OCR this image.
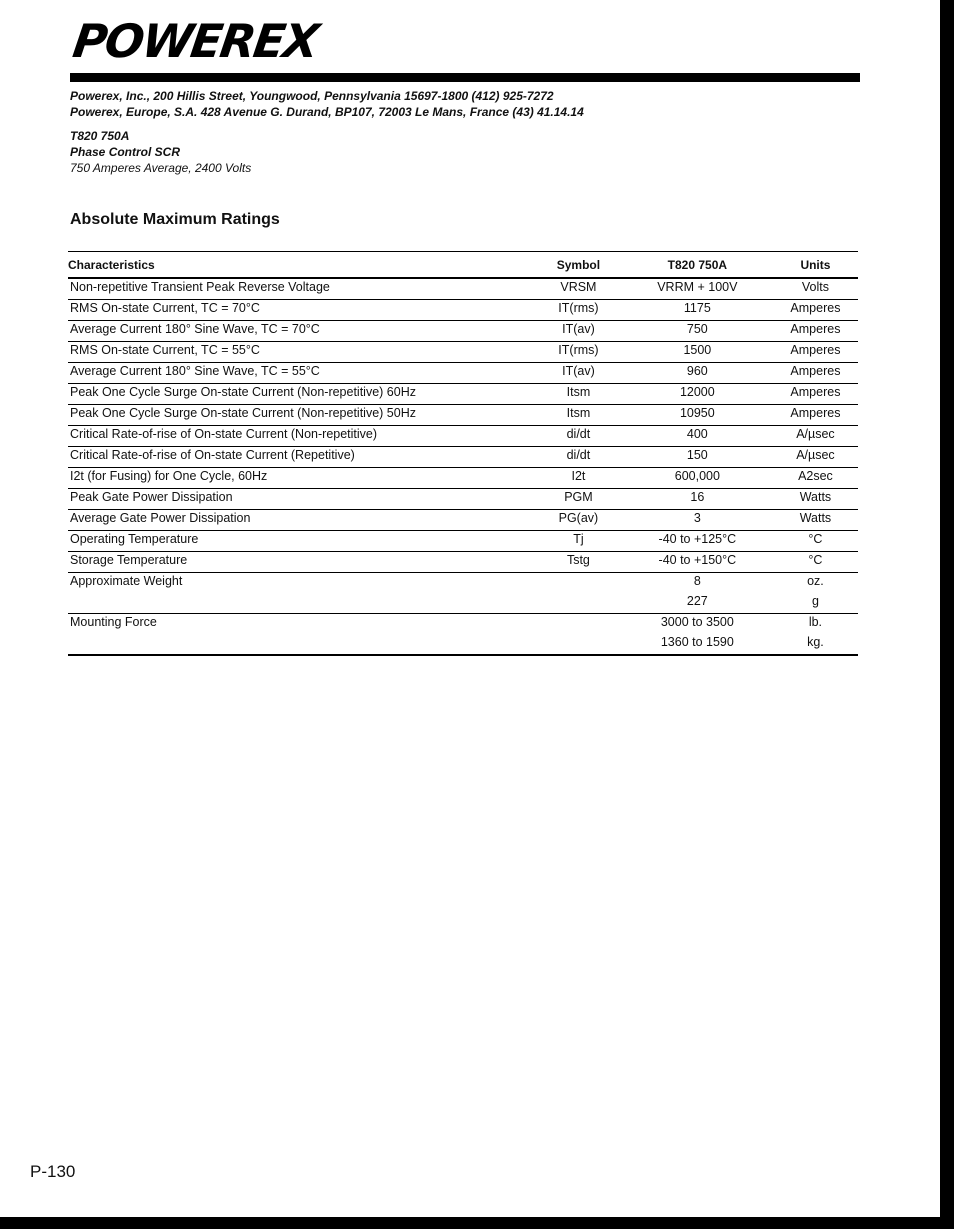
POWEREX
Powerex, Inc., 200 Hillis Street, Youngwood, Pennsylvania 15697-1800 (412) 925-7272
Powerex, Europe, S.A. 428 Avenue G. Durand, BP107, 72003 Le Mans, France (43) 41.14.14
T820 750A
Phase Control SCR
750 Amperes Average, 2400 Volts
Absolute Maximum Ratings
Characteristics	Symbol	T820 750A	Units
Non-repetitive Transient Peak Reverse Voltage	VRSM	VRRM + 100V	Volts
RMS On-state Current, TC = 70°C	IT(rms)	1175	Amperes
Average Current 180° Sine Wave, TC = 70°C	IT(av)	750	Amperes
RMS On-state Current, TC = 55°C	IT(rms)	1500	Amperes
Average Current 180° Sine Wave, TC = 55°C	IT(av)	960	Amperes
Peak One Cycle Surge On-state Current (Non-repetitive) 60Hz	Itsm	12000	Amperes
Peak One Cycle Surge On-state Current (Non-repetitive) 50Hz	Itsm	10950	Amperes
Critical Rate-of-rise of On-state Current (Non-repetitive)	di/dt	400	A/µsec
Critical Rate-of-rise of On-state Current (Repetitive)	di/dt	150	A/µsec
I2t (for Fusing) for One Cycle, 60Hz	I2t	600,000	A2sec
Peak Gate Power Dissipation	PGM	16	Watts
Average Gate Power Dissipation	PG(av)	3	Watts
Operating Temperature	Tj	-40 to +125°C	°C
Storage Temperature	Tstg	-40 to +150°C	°C
Approximate Weight		8	oz.
		227	g
Mounting Force		3000 to 3500	lb.
		1360 to 1590	kg.
P-130
